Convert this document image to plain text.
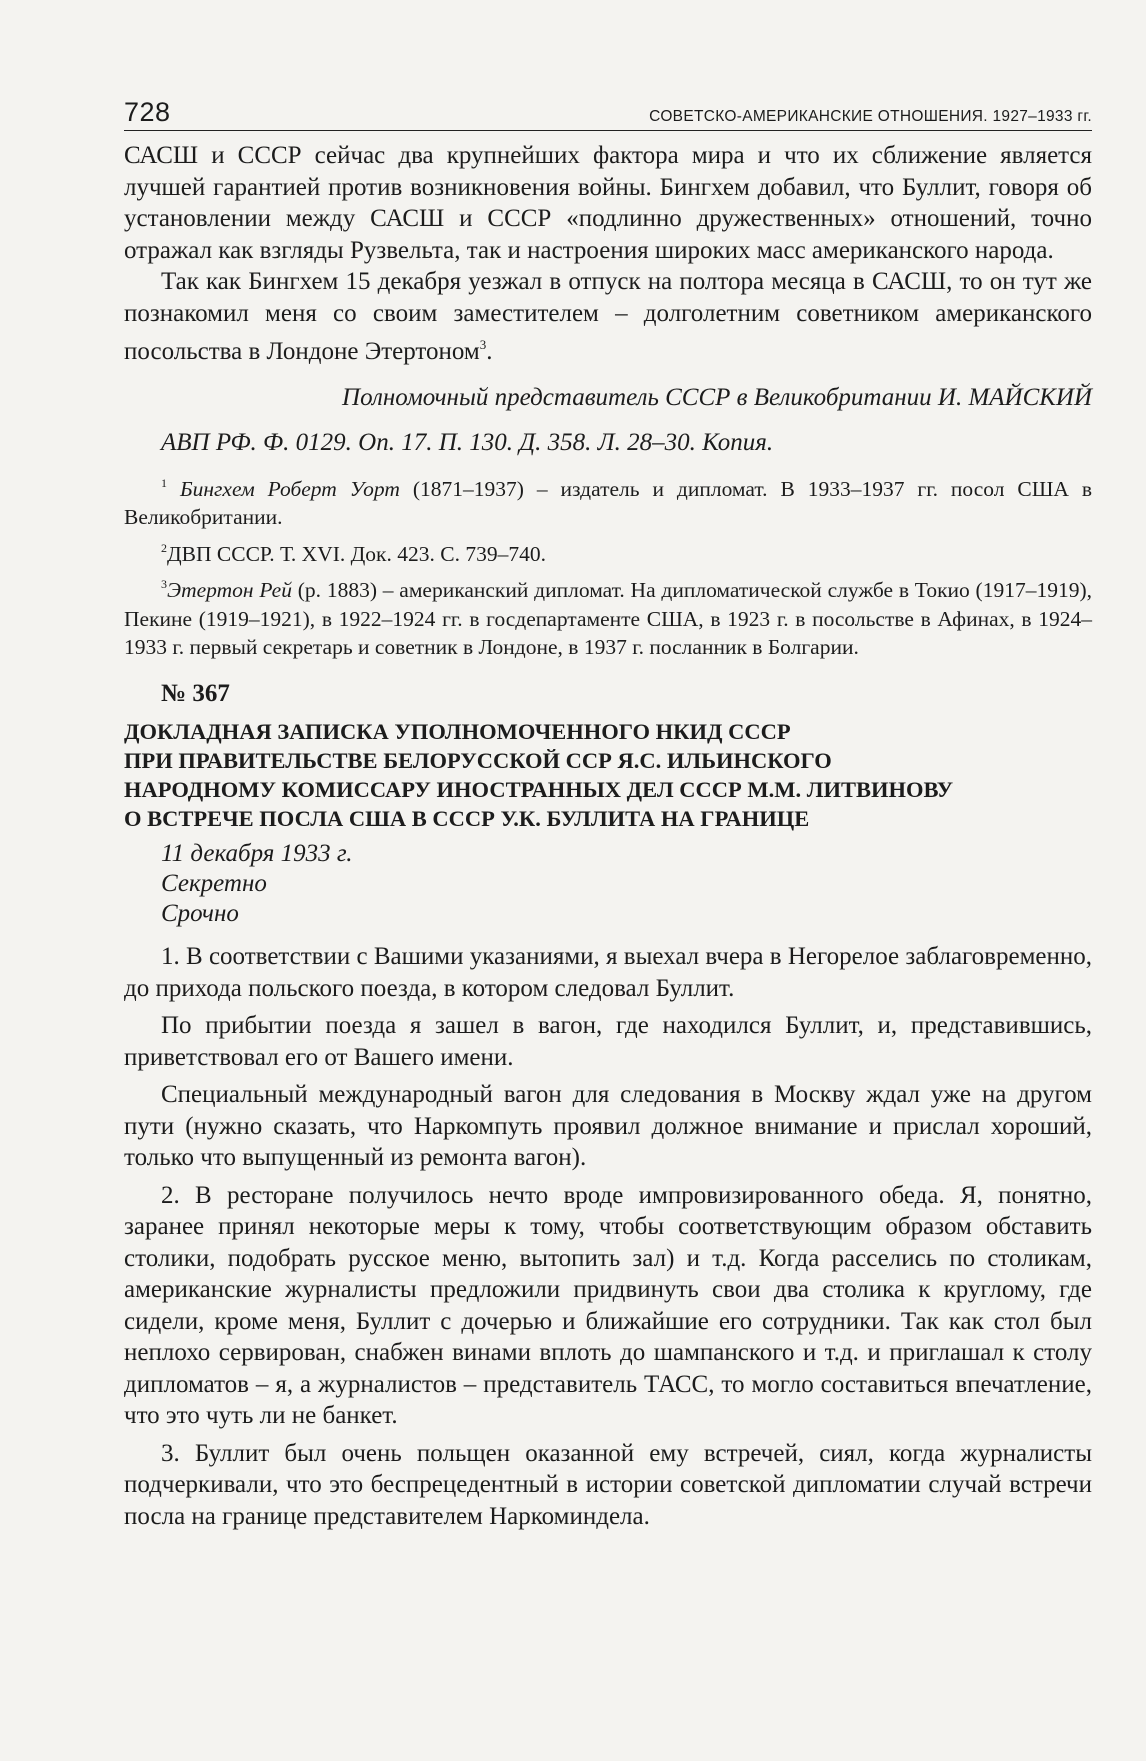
728	СОВЕТСКО-АМЕРИКАНСКИЕ ОТНОШЕНИЯ. 1927–1933 гг.

САСШ и СССР сейчас два крупнейших фактора мира и что их сближение является лучшей гарантией против возникновения войны. Бингхем добавил, что Буллит, говоря об установлении между САСШ и СССР «подлинно дружественных» отношений, точно отражал как взгляды Рузвельта, так и настроения широких масс американского народа.

Так как Бингхем 15 декабря уезжал в отпуск на полтора месяца в САСШ, то он тут же познакомил меня со своим заместителем – долголетним советником американского посольства в Лондоне Этертоном$^3$.

Полномочный представитель СССР в Великобритании И. МАЙСКИЙ

АВП РФ. Ф. 0129. Оп. 17. П. 130. Д. 358. Л. 28–30. Копия.

$^1$ Бингхем Роберт Уорт (1871–1937) – издатель и дипломат. В 1933–1937 гг. посол США в Великобритании.

$^2$ДВП СССР. Т. XVI. Док. 423. С. 739–740.

$^3$Этертон Рей (р. 1883) – американский дипломат. На дипломатической службе в Токио (1917–1919), Пекине (1919–1921), в 1922–1924 гг. в госдепартаменте США, в 1923 г. в посольстве в Афинах, в 1924–1933 г. первый секретарь и советник в Лондоне, в 1937 г. посланник в Болгарии.

№ 367

ДОКЛАДНАЯ ЗАПИСКА УПОЛНОМОЧЕННОГО НКИД СССР
ПРИ ПРАВИТЕЛЬСТВЕ БЕЛОРУССКОЙ ССР Я.С. ИЛЬИНСКОГО
НАРОДНОМУ КОМИССАРУ ИНОСТРАННЫХ ДЕЛ СССР М.М. ЛИТВИНОВУ
О ВСТРЕЧЕ ПОСЛА США В СССР У.К. БУЛЛИТА НА ГРАНИЦЕ
11 декабря 1933 г.
Секретно
Срочно

1. В соответствии с Вашими указаниями, я выехал вчера в Негорелое заблаговременно, до прихода польского поезда, в котором следовал Буллит.

По прибытии поезда я зашел в вагон, где находился Буллит, и, представившись, приветствовал его от Вашего имени.

Специальный международный вагон для следования в Москву ждал уже на другом пути (нужно сказать, что Наркомпуть проявил должное внимание и прислал хороший, только что выпущенный из ремонта вагон).

2. В ресторане получилось нечто вроде импровизированного обеда. Я, понятно, заранее принял некоторые меры к тому, чтобы соответствующим образом обставить столики, подобрать русское меню, вытопить зал) и т.д. Когда расселись по столикам, американские журналисты предложили придвинуть свои два столика к круглому, где сидели, кроме меня, Буллит с дочерью и ближайшие его сотрудники. Так как стол был неплохо сервирован, снабжен винами вплоть до шампанского и т.д. и приглашал к столу дипломатов – я, а журналистов – представитель ТАСС, то могло составиться впечатление, что это чуть ли не банкет.

3. Буллит был очень польщен оказанной ему встречей, сиял, когда журналисты подчеркивали, что это беспрецедентный в истории советской дипломатии случай встречи посла на границе представителем Наркоминдела.
